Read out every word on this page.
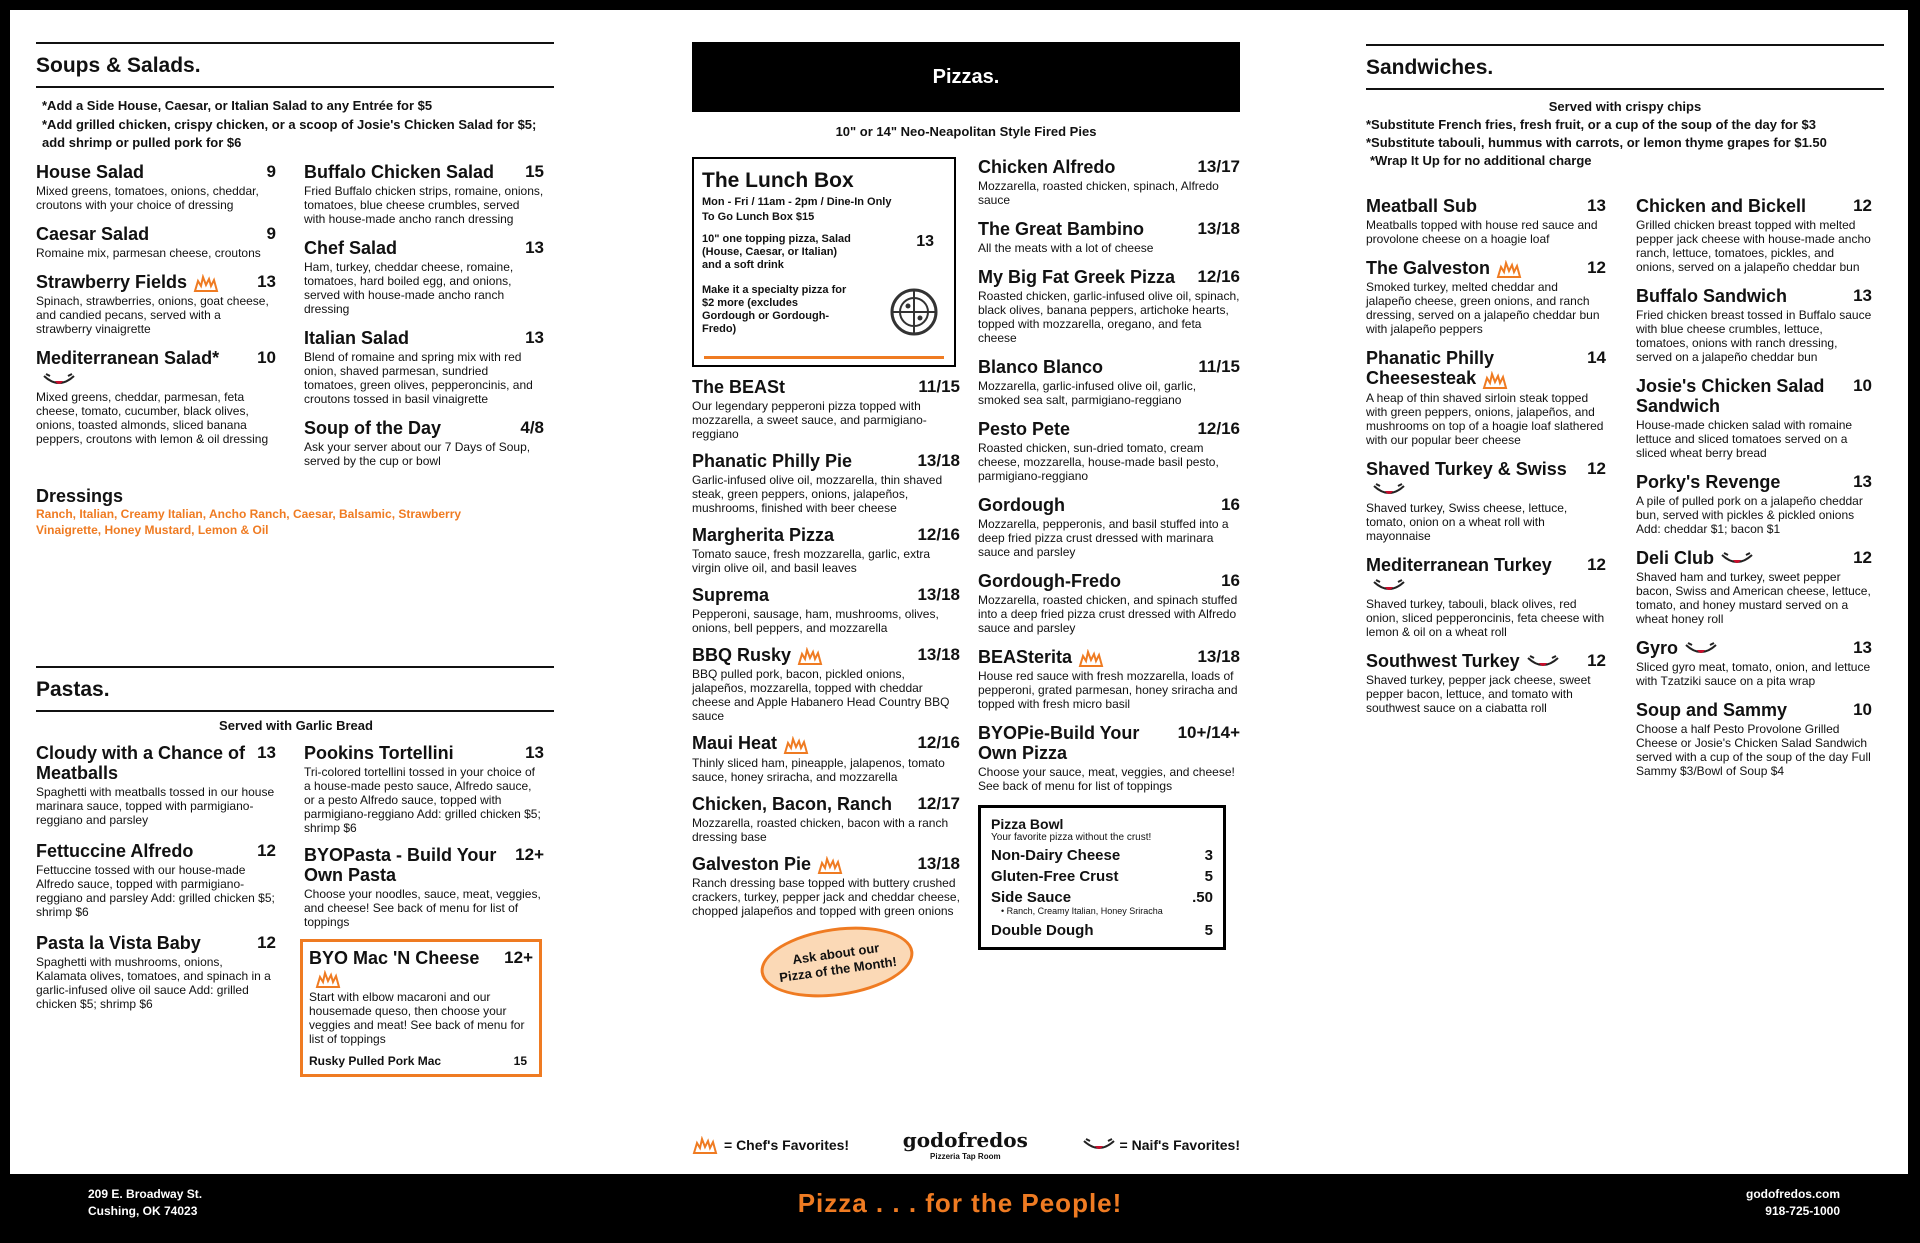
Soups & Salads.
*Add a Side House, Caesar, or Italian Salad to any Entrée for $5
*Add grilled chicken, crispy chicken, or a scoop of Josie's Chicken Salad for $5; add shrimp or pulled pork for $6
House Salad	9
Mixed greens, tomatoes, onions, cheddar, croutons with your choice of dressing
Caesar Salad	9
Romaine mix, parmesan cheese, croutons
Strawberry Fields	13
Spinach, strawberries, onions, goat cheese, and candied pecans, served with a strawberry vinaigrette
Mediterranean Salad*	10
Mixed greens, cheddar, parmesan, feta cheese, tomato, cucumber, black olives, onions, toasted almonds, sliced banana peppers, croutons with lemon & oil dressing
Buffalo Chicken Salad 15
Fried Buffalo chicken strips, romaine, onions, tomatoes, blue cheese crumbles, served with house-made ancho ranch dressing
Chef Salad	13
Ham, turkey, cheddar cheese, romaine, tomatoes, hard boiled egg, and onions, served with house-made ancho ranch dressing
Italian Salad	13
Blend of romaine and spring mix with red onion, shaved parmesan, sundried tomatoes, green olives, pepperoncinis, and croutons tossed in basil vinaigrette
Soup of the Day	4/8
Ask your server about our 7 Days of Soup, served by the cup or bowl
Dressings
Ranch, Italian, Creamy Italian, Ancho Ranch, Caesar, Balsamic, Strawberry Vinaigrette, Honey Mustard, Lemon & Oil
Pastas.
Served with Garlic Bread
Cloudy with a Chance of Meatballs
13
Spaghetti with meatballs tossed in our house marinara sauce, topped with parmigiano-reggiano and parsley
Fettuccine Alfredo	12
Fettuccine tossed with our house-made Alfredo sauce, topped with parmigiano-reggiano and parsley Add: grilled chicken $5; shrimp $6
Pasta la Vista Baby	12
Spaghetti with mushrooms, onions, Kalamata olives, tomatoes, and spinach in a garlic-infused olive oil sauce Add: grilled chicken $5; shrimp $6
Pookins Tortellini	13
Tri-colored tortellini tossed in your choice of a house-made pesto sauce, Alfredo sauce, or a pesto Alfredo sauce, topped with parmigiano-reggiano Add: grilled chicken $5; shrimp $6
BYOPasta - Build Your Own Pasta
12+
Choose your noodles, sauce, meat, veggies, and cheese! See back of menu for list of toppings
BYO Mac 'N Cheese	12+
Start with elbow macaroni and our housemade queso, then choose your veggies and meat! See back of menu for list of toppings
Rusky Pulled Pork Mac	15
Pizzas.
10" or 14" Neo-Neapolitan Style Fired Pies
The Lunch Box
Mon - Fri / 11am - 2pm / Dine-In Only
To Go Lunch Box $15
10" one topping pizza, Salad (House, Caesar, or Italian) and a soft drink
13
Make it a specialty pizza for $2 more (excludes Gordough or Gordough-Fredo)
The BEASt	11/15
Our legendary pepperoni pizza topped with mozzarella, a sweet sauce, and parmigiano-reggiano
Phanatic Philly Pie	13/18
Garlic-infused olive oil, mozzarella, thin shaved steak, green peppers, onions, jalapeños, mushrooms, finished with beer cheese
Margherita Pizza	12/16
Tomato sauce, fresh mozzarella, garlic, extra virgin olive oil, and basil leaves
Suprema	13/18
Pepperoni, sausage, ham, mushrooms, olives, onions, bell peppers, and mozzarella
BBQ Rusky	13/18
BBQ pulled pork, bacon, pickled onions, jalapeños, mozzarella, topped with cheddar cheese and Apple Habanero Head Country BBQ sauce
Maui Heat	12/16
Thinly sliced ham, pineapple, jalapenos, tomato sauce, honey sriracha, and mozzarella
Chicken, Bacon, Ranch 12/17
Mozzarella, roasted chicken, bacon with a ranch dressing base
Galveston Pie	13/18
Ranch dressing base topped with buttery crushed crackers, turkey, pepper jack and cheddar cheese, chopped jalapeños and topped with green onions
Ask about our Pizza of the Month!
Chicken Alfredo	13/17
Mozzarella, roasted chicken, spinach, Alfredo sauce
The Great Bambino	13/18
All the meats with a lot of cheese
My Big Fat Greek Pizza 12/16
Roasted chicken, garlic-infused olive oil, spinach, black olives, banana peppers, artichoke hearts, topped with mozzarella, oregano, and feta cheese
Blanco Blanco	11/15
Mozzarella, garlic-infused olive oil, garlic, smoked sea salt, parmigiano-reggiano
Pesto Pete	12/16
Roasted chicken, sun-dried tomato, cream cheese, mozzarella, house-made basil pesto, parmigiano-reggiano
Gordough	16
Mozzarella, pepperonis, and basil stuffed into a deep fried pizza crust dressed with marinara sauce and parsley
Gordough-Fredo	16
Mozzarella, roasted chicken, and spinach stuffed into a deep fried pizza crust dressed with Alfredo sauce and parsley
BEASterita	13/18
House red sauce with fresh mozzarella, loads of pepperoni, grated parmesan, honey sriracha and topped with fresh micro basil
BYOPie-Build Your Own Pizza
10+/14+
Choose your sauce, meat, veggies, and cheese! See back of menu for list of toppings
Pizza Bowl
Your favorite pizza without the crust!
Non-Dairy Cheese	3
Gluten-Free Crust	5
Side Sauce	.50
• Ranch, Creamy Italian, Honey Sriracha
Double Dough	5
= Chef's Favorites!	godofredos
Pizzeria Tap Room
= Naif's Favorites!
Sandwiches.
Served with crispy chips
*Substitute French fries, fresh fruit, or a cup of the soup of the day for $3
*Substitute tabouli, hummus with carrots, or lemon thyme grapes for $1.50
*Wrap It Up for no additional charge
Meatball Sub	13
Meatballs topped with house red sauce and provolone cheese on a hoagie loaf
The Galveston	12
Smoked turkey, melted cheddar and jalapeño cheese, green onions, and ranch dressing, served on a jalapeño cheddar bun with jalapeño peppers
Phanatic Philly Cheesesteak
14
A heap of thin shaved sirloin steak topped with green peppers, onions, jalapeños, and mushrooms on top of a hoagie loaf slathered with our popular beer cheese
Shaved Turkey & Swiss	12
Shaved turkey, Swiss cheese, lettuce, tomato, onion on a wheat roll with mayonnaise
Mediterranean Turkey	12
Shaved turkey, tabouli, black olives, red onion, sliced pepperoncinis, feta cheese with lemon & oil on a wheat roll
Southwest Turkey	12
Shaved turkey, pepper jack cheese, sweet pepper bacon, lettuce, and tomato with southwest sauce on a ciabatta roll
Chicken and Bickell	12
Grilled chicken breast topped with melted pepper jack cheese with house-made ancho ranch, lettuce, tomatoes, pickles, and onions, served on a jalapeño cheddar bun
Buffalo Sandwich	13
Fried chicken breast tossed in Buffalo sauce with blue cheese crumbles, lettuce, tomatoes, onions with ranch dressing, served on a jalapeño cheddar bun
Josie's Chicken Salad Sandwich
10
House-made chicken salad with romaine lettuce and sliced tomatoes served on a sliced wheat berry bread
Porky's Revenge	13
A pile of pulled pork on a jalapeño cheddar bun, served with pickles & pickled onions Add: cheddar $1; bacon $1
Deli Club	12
Shaved ham and turkey, sweet pepper bacon, Swiss and American cheese, lettuce, tomato, and honey mustard served on a wheat honey roll
Gyro	13
Sliced gyro meat, tomato, onion, and lettuce with Tzatziki sauce on a pita wrap
Soup and Sammy	10
Choose a half Pesto Provolone Grilled Cheese or Josie's Chicken Salad Sandwich served with a cup of the soup of the day Full Sammy $3/Bowl of Soup $4
209 E. Broadway St.
Cushing, OK 74023	Pizza . . . for the People!	godofredos.com
918-725-1000
